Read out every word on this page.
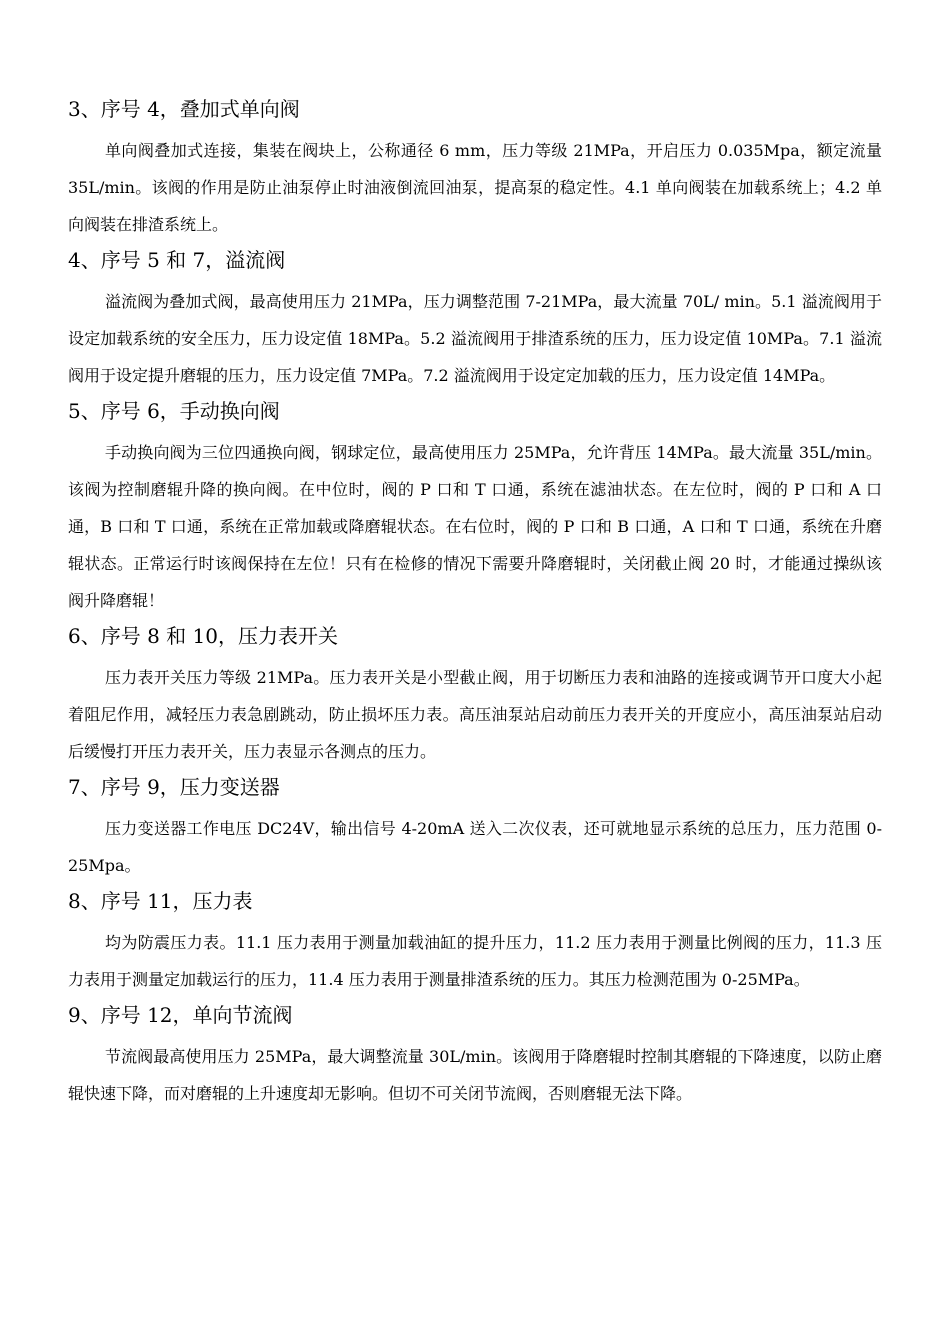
3、序号 4，叠加式单向阀

单向阀叠加式连接，集装在阀块上，公称通径 6 mm，压力等级 21MPa，开启压力 0.035Mpa，额定流量 35L/min。该阀的作用是防止油泵停止时油液倒流回油泵，提高泵的稳定性。4.1 单向阀装在加载系统上；4.2 单向阀装在排渣系统上。

4、序号 5 和 7，溢流阀

溢流阀为叠加式阀，最高使用压力 21MPa，压力调整范围 7-21MPa，最大流量 70L/ min。5.1 溢流阀用于设定加载系统的安全压力，压力设定值 18MPa。5.2 溢流阀用于排渣系统的压力，压力设定值 10MPa。7.1 溢流阀用于设定提升磨辊的压力，压力设定值 7MPa。7.2 溢流阀用于设定定加载的压力，压力设定值 14MPa。

5、序号 6，手动换向阀

手动换向阀为三位四通换向阀，钢球定位，最高使用压力 25MPa，允许背压 14MPa。最大流量 35L/min。该阀为控制磨辊升降的换向阀。在中位时，阀的 P 口和 T 口通，系统在滤油状态。在左位时，阀的 P 口和 A 口通，B 口和 T 口通，系统在正常加载或降磨辊状态。在右位时，阀的 P 口和 B 口通，A 口和 T 口通，系统在升磨辊状态。正常运行时该阀保持在左位！只有在检修的情况下需要升降磨辊时，关闭截止阀 20 时，才能通过操纵该阀升降磨辊！

6、序号 8 和 10，压力表开关

压力表开关压力等级 21MPa。压力表开关是小型截止阀，用于切断压力表和油路的连接或调节开口度大小起着阻尼作用，减轻压力表急剧跳动，防止损坏压力表。高压油泵站启动前压力表开关的开度应小，高压油泵站启动后缓慢打开压力表开关，压力表显示各测点的压力。

7、序号 9，压力变送器

压力变送器工作电压 DC24V，输出信号 4-20mA 送入二次仪表，还可就地显示系统的总压力，压力范围 0-25Mpa。

8、序号 11，压力表

均为防震压力表。11.1 压力表用于测量加载油缸的提升压力，11.2 压力表用于测量比例阀的压力，11.3 压力表用于测量定加载运行的压力，11.4 压力表用于测量排渣系统的压力。其压力检测范围为 0-25MPa。

9、序号 12，单向节流阀

节流阀最高使用压力 25MPa，最大调整流量 30L/min。该阀用于降磨辊时控制其磨辊的下降速度，以防止磨辊快速下降，而对磨辊的上升速度却无影响。但切不可关闭节流阀，否则磨辊无法下降。
